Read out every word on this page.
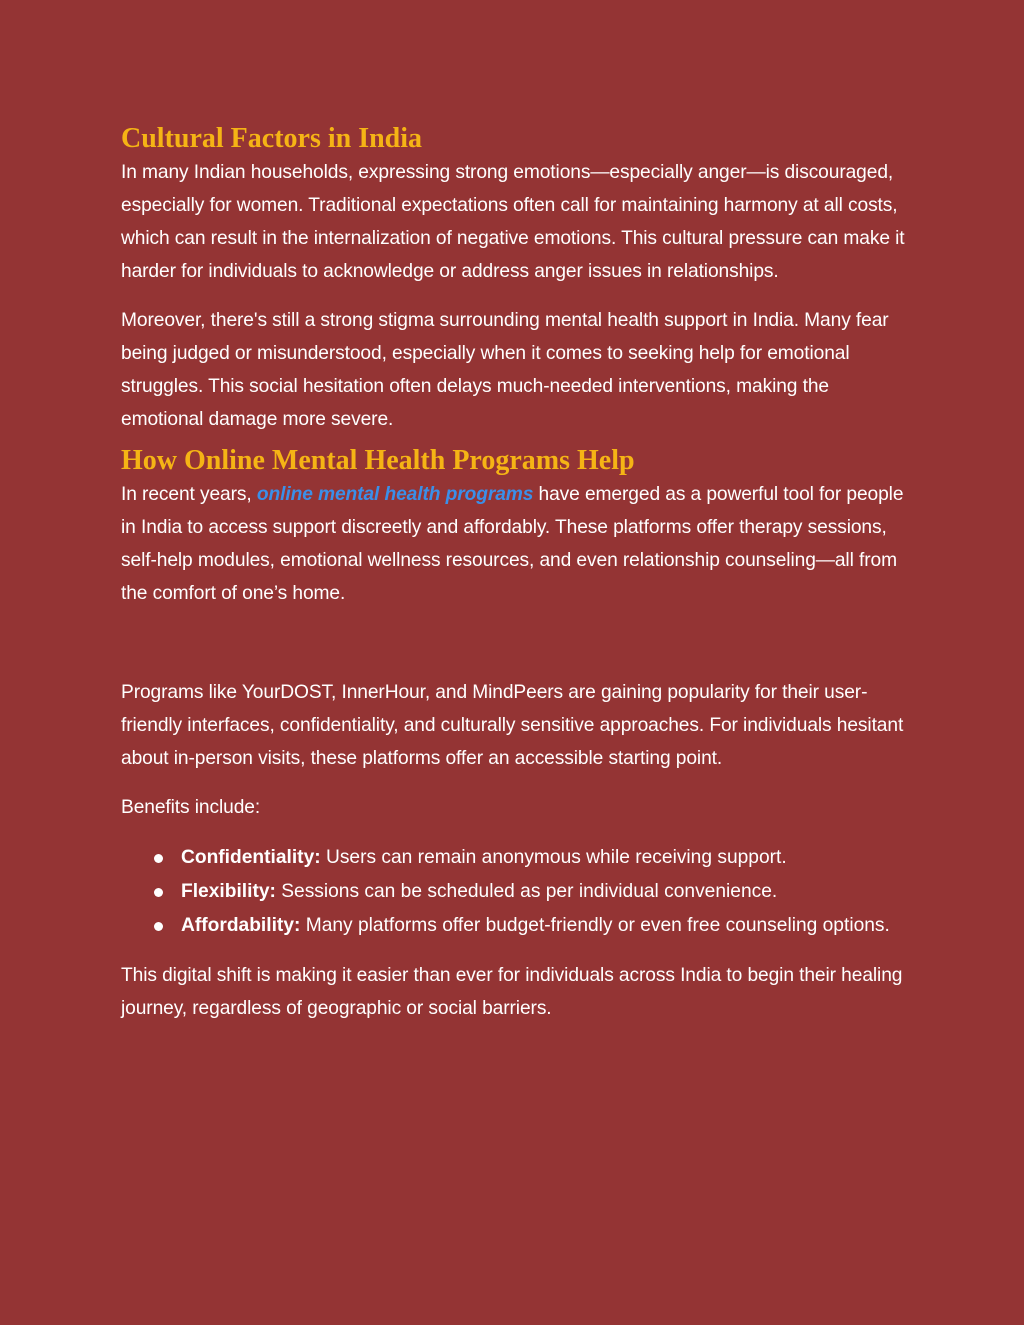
Cultural Factors in India

In many Indian households, expressing strong emotions—especially anger—is discouraged, especially for women. Traditional expectations often call for maintaining harmony at all costs, which can result in the internalization of negative emotions. This cultural pressure can make it harder for individuals to acknowledge or address anger issues in relationships.

Moreover, there's still a strong stigma surrounding mental health support in India. Many fear being judged or misunderstood, especially when it comes to seeking help for emotional struggles. This social hesitation often delays much-needed interventions, making the emotional damage more severe.

How Online Mental Health Programs Help

In recent years, online mental health programs have emerged as a powerful tool for people in India to access support discreetly and affordably. These platforms offer therapy sessions, self-help modules, emotional wellness resources, and even relationship counseling—all from the comfort of one’s home.

Programs like YourDOST, InnerHour, and MindPeers are gaining popularity for their user-friendly interfaces, confidentiality, and culturally sensitive approaches. For individuals hesitant about in-person visits, these platforms offer an accessible starting point.

Benefits include:

Confidentiality: Users can remain anonymous while receiving support.
Flexibility: Sessions can be scheduled as per individual convenience.
Affordability: Many platforms offer budget-friendly or even free counseling options.

This digital shift is making it easier than ever for individuals across India to begin their healing journey, regardless of geographic or social barriers.
